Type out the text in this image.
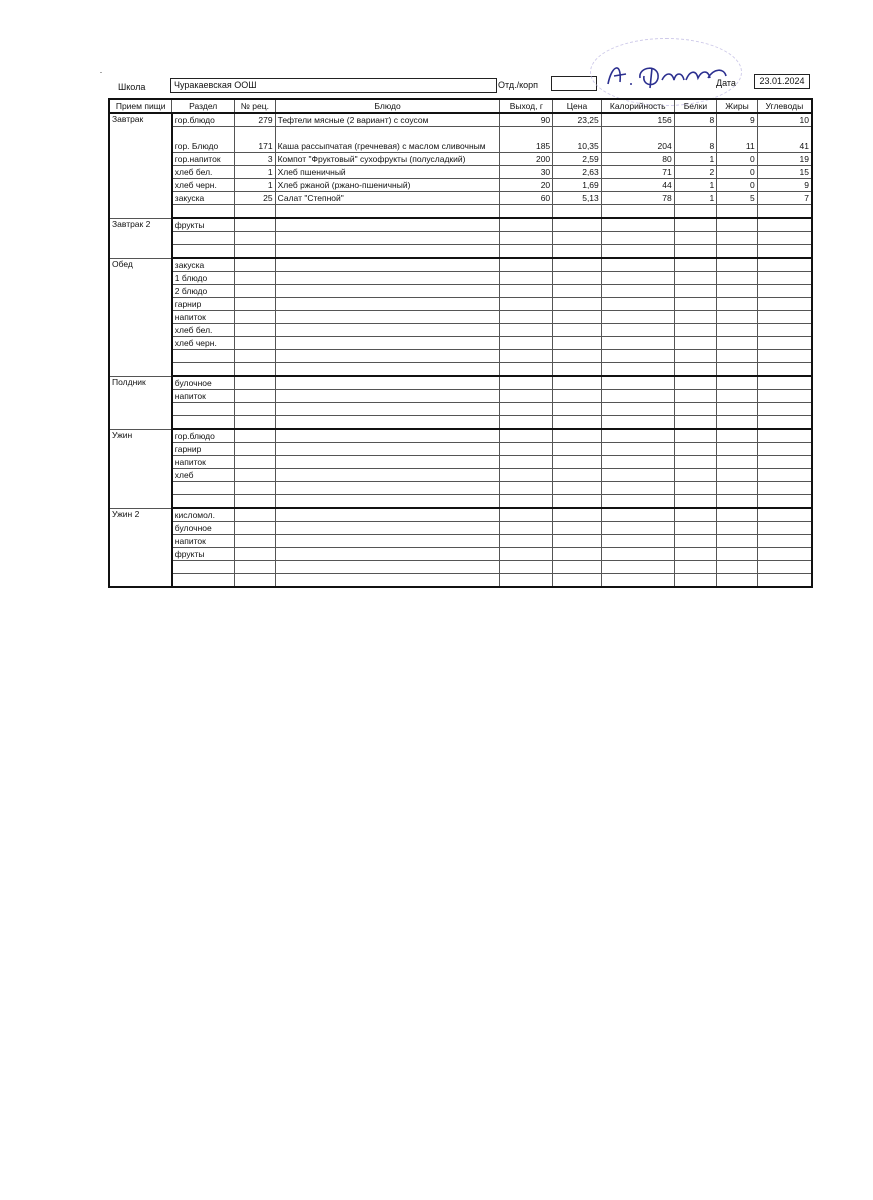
ˇ
Школа	Чуракаевская ООШ	Отд./корп	Дата	23.01.2024
Прием пищи	Раздел	№ рец.	Блюдо	Выход, г	Цена	Калорийность	Белки	Жиры	Углеводы
Завтрак	гор.блюдо	279	Тефтели мясные (2 вариант) с соусом	90	23,25	156	8	9	10
	гор. Блюдо	171	Каша рассыпчатая (гречневая) с маслом сливочным	185	10,35	204	8	11	41
	гор.напиток	3	Компот "Фруктовый" сухофрукты (полусладкий)	200	2,59	80	1	0	19
	хлеб бел.	1	Хлеб пшеничный	30	2,63	71	2	0	15
	хлеб черн.	1	Хлеб ржаной (ржано-пшеничный)	20	1,69	44	1	0	9
	закуска	25	Салат "Степной"	60	5,13	78	1	5	7

Завтрак 2	фрукты								

Обед	закуска								
	1 блюдо								
	2 блюдо								
	гарнир								
	напиток								
	хлеб бел.								
	хлеб черн.								

Полдник	булочное								
	напиток								

Ужин	гор.блюдо								
	гарнир								
	напиток								
	хлеб								

Ужин 2	кисломол.								
	булочное								
	напиток								
	фрукты								
